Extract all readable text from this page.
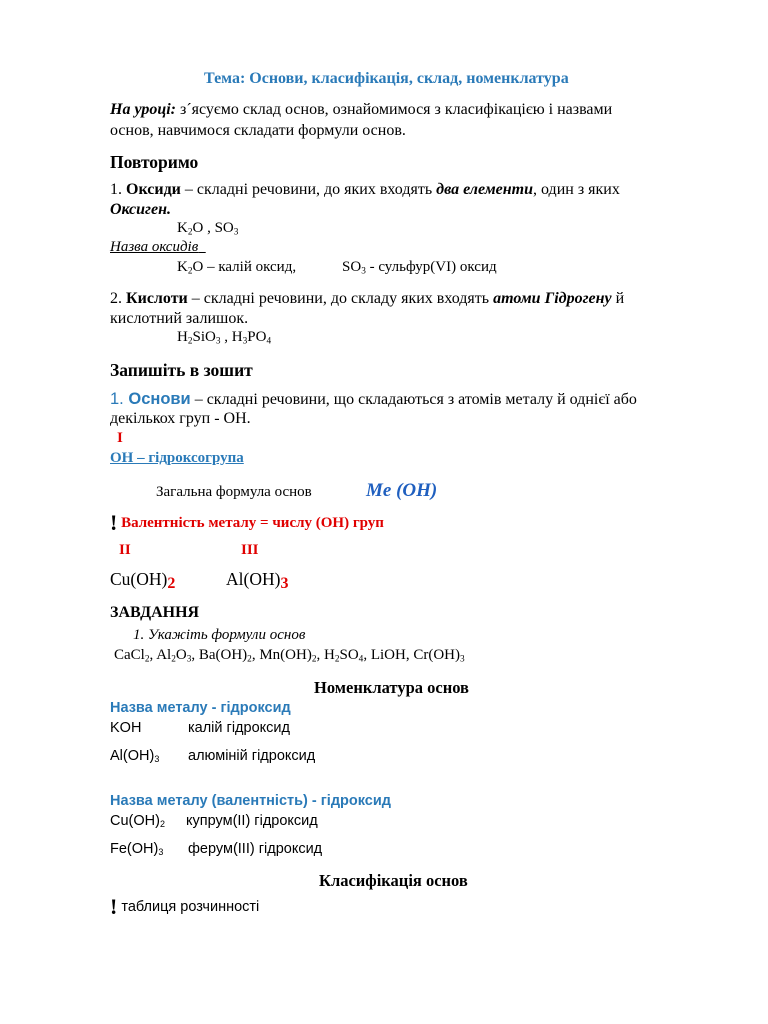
Тема: Основи, класифікація, склад, номенклатура
На уроці: з´ясуємо склад основ, ознайомимося з класифікацією і назвами
основ, навчимося складати формули основ.
Повторимо
1. Оксиди – складні речовини, до яких входять два елементи, один з яких
Оксиген.
$K_2O$ , $SO_3$
Назва оксидів
$K_2O$ – калій оксид,	$SO_3$ - сульфур(VI) оксид
2. Кислоти – складні речовини, до складу яких входять атоми Гідрогену й
кислотний залишок.
$H_2SiO_3$ , $H_3PO_4$
Запишіть в зошит
1. Основи – складні речовини, що складаються з атомів металу й однієї або
декількох груп - ОН.
І
ОН – гідроксогрупа
Загальна формула основ	Me (OH)
! Валентність металу = числу (ОН) груп
ІІ	ІІІ
Cu(OH)2	Al(OH)3
ЗАВДАННЯ
1. Укажіть формули основ
CaCl$_2$, $Al_2O_3$, $Ba(OH)_2$, $Mn(OH)_2$, $H_2SO_4$, LiOH, $Cr(OH)_3$
Номенклатура основ
Назва металу - гідроксид
KOH	калій гідроксид
$Al(OH)_3$ алюміній гідроксид
Назва металу (валентність) - гідроксид
$Cu(OH)_2$ купрум(ІІ) гідроксид
$Fe(OH)_3$ ферум(ІІІ) гідроксид
Класифікація основ
! таблиця розчинності
